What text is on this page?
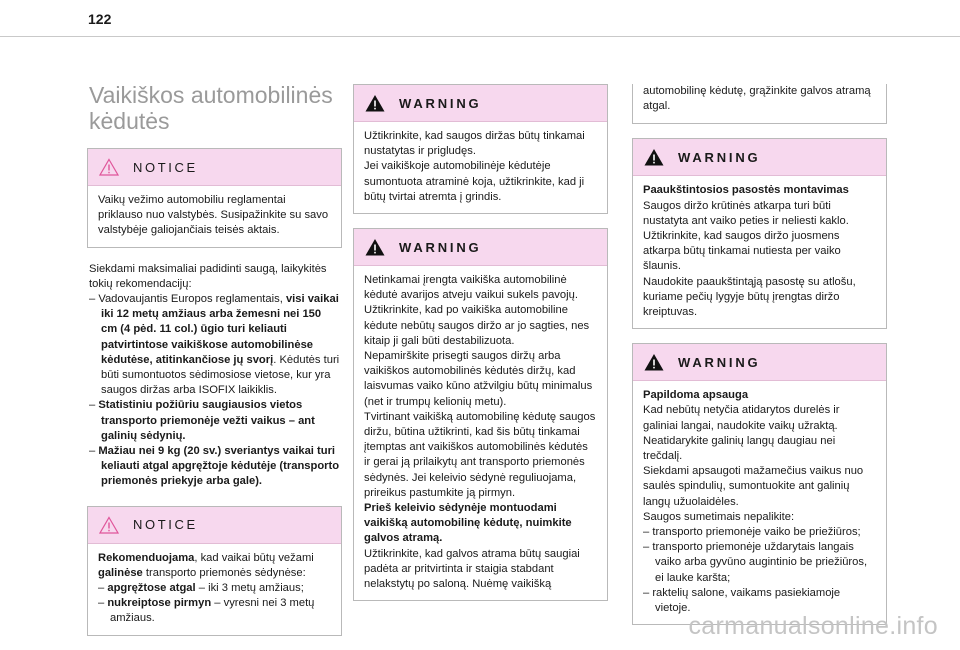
122
Vaikiškos automobilinės
kėdutės
NOTICE

Vaikų vežimo automobiliu reglamentai priklauso nuo valstybės. Susipažinkite su savo valstybėje galiojančiais teisės aktais.

Siekdami maksimaliai padidinti saugą, laikykitės tokių rekomendacijų:

– Vadovaujantis Europos reglamentais, visi vaikai iki 12 metų amžiaus arba žemesni nei 150 cm (4 pėd. 11 col.) ūgio turi keliauti patvirtintose vaikiškose automobilinėse kėdutėse, atitinkančiose jų svorį. Kėdutės turi būti sumontuotos sėdimosiose vietose, kur yra saugos diržas arba ISOFIX laikiklis.

– Statistiniu požiūriu saugiausios vietos transporto priemonėje vežti vaikus – ant galinių sėdynių.

– Mažiau nei 9 kg (20 sv.) sveriantys vaikai turi keliauti atgal apgręžtoje kėdutėje (transporto priemonės priekyje arba gale).

NOTICE

Rekomenduojama, kad vaikai būtų vežami galinėse transporto priemonės sėdynėse:

– apgręžtose atgal – iki 3 metų amžiaus;

– nukreiptose pirmyn – vyresni nei 3 metų amžiaus.

WARNING

Užtikrinkite, kad saugos diržas būtų tinkamai nustatytas ir prigludęs.

Jei vaikiškoje automobilinėje kėdutėje sumontuota atraminė koja, užtikrinkite, kad ji būtų tvirtai atremta į grindis.

WARNING

Netinkamai įrengta vaikiška automobilinė kėdutė avarijos atveju vaikui sukels pavojų.

Užtikrinkite, kad po vaikiška automobiline kėdute nebūtų saugos diržo ar jo sagties, nes kitaip ji gali būti destabilizuota.

Nepamirškite prisegti saugos diržų arba vaikiškos automobilinės kėdutės diržų, kad laisvumas vaiko kūno atžvilgiu būtų minimalus (net ir trumpų kelionių metu).

Tvirtinant vaikišką automobilinę kėdutę saugos diržu, būtina užtikrinti, kad šis būtų tinkamai įtemptas ant vaikiškos automobilinės kėdutės ir gerai ją prilaikytų ant transporto priemonės sėdynės. Jei keleivio sėdynė reguliuojama, prireikus pastumkite ją pirmyn.

Prieš keleivio sėdynėje montuodami vaikišką automobilinę kėdutę, nuimkite galvos atramą.

Užtikrinkite, kad galvos atrama būtų saugiai padėta ar pritvirtinta ir staigia stabdant nelakstytų po saloną. Nuėmę vaikišką

automobilinę kėdutę, grąžinkite galvos atramą atgal.
WARNING

Paaukštintosios pasostės montavimas

Saugos diržo krūtinės atkarpa turi būti nustatyta ant vaiko peties ir neliesti kaklo.

Užtikrinkite, kad saugos diržo juosmens atkarpa būtų tinkamai nutiesta per vaiko šlaunis.

Naudokite paaukštintąją pasostę su atlošu, kuriame pečių lygyje būtų įrengtas diržo kreiptuvas.

WARNING

Papildoma apsauga

Kad nebūtų netyčia atidarytos durelės ir galiniai langai, naudokite vaikų užraktą.

Neatidarykite galinių langų daugiau nei trečdalį.

Siekdami apsaugoti mažamečius vaikus nuo saulės spindulių, sumontuokite ant galinių langų užuolaidėles.

Saugos sumetimais nepalikite:

– transporto priemonėje vaiko be priežiūros;

– transporto priemonėje uždarytais langais vaiko arba gyvūno augintinio be priežiūros, ei lauke karšta;

– raktelių salone, vaikams pasiekiamoje vietoje.

carmanualsonline.info
